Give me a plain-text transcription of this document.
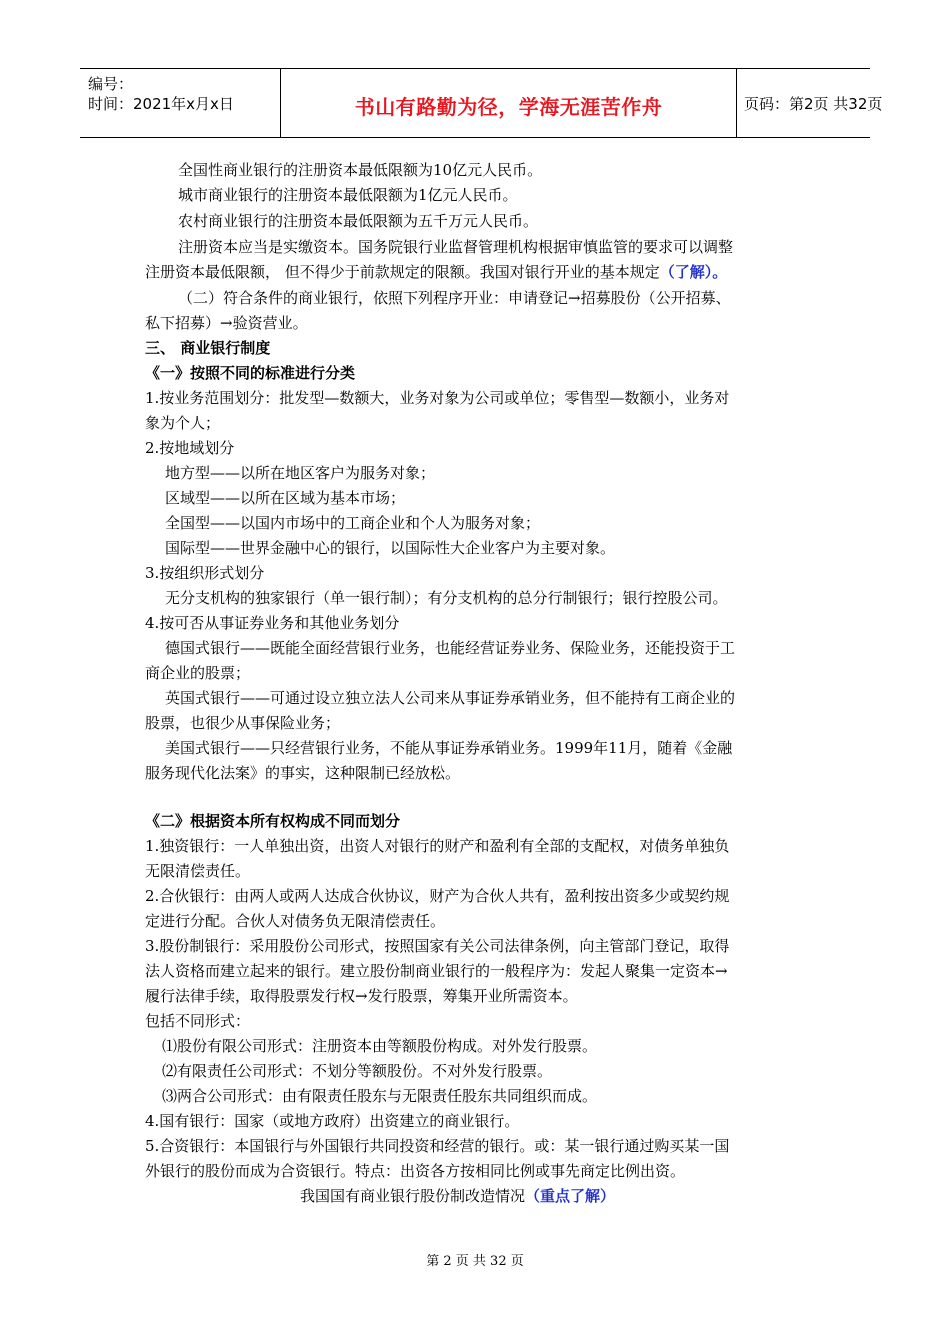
编号：
时间：2021年x月x日	书山有路勤为径，学海无涯苦作舟	页码：第2页 共32页
全国性商业银行的注册资本最低限额为10亿元人民币。
城市商业银行的注册资本最低限额为1亿元人民币。
农村商业银行的注册资本最低限额为五千万元人民币。
注册资本应当是实缴资本。国务院银行业监督管理机构根据审慎监管的要求可以调整
注册资本最低限额， 但不得少于前款规定的限额。我国对银行开业的基本规定（了解）。
（二）符合条件的商业银行，依照下列程序开业：申请登记→招募股份（公开招募、
私下招募）→验资营业。
三、 商业银行制度
《一》按照不同的标准进行分类
1.按业务范围划分：批发型—数额大，业务对象为公司或单位；零售型—数额小，业务对
象为个人；
2.按地域划分
地方型——以所在地区客户为服务对象；
区域型——以所在区域为基本市场；
全国型——以国内市场中的工商企业和个人为服务对象；
国际型——世界金融中心的银行，以国际性大企业客户为主要对象。
3.按组织形式划分
无分支机构的独家银行（单一银行制）；有分支机构的总分行制银行；银行控股公司。
4.按可否从事证券业务和其他业务划分
德国式银行——既能全面经营银行业务，也能经营证券业务、保险业务，还能投资于工
商企业的股票；
英国式银行——可通过设立独立法人公司来从事证券承销业务，但不能持有工商企业的
股票，也很少从事保险业务；
美国式银行——只经营银行业务，不能从事证券承销业务。1999年11月，随着《金融
服务现代化法案》的事实，这种限制已经放松。
《二》根据资本所有权构成不同而划分
1.独资银行：一人单独出资，出资人对银行的财产和盈利有全部的支配权，对债务单独负
无限清偿责任。
2.合伙银行：由两人或两人达成合伙协议，财产为合伙人共有，盈利按出资多少或契约规
定进行分配。合伙人对债务负无限清偿责任。
3.股份制银行：采用股份公司形式，按照国家有关公司法律条例，向主管部门登记，取得
法人资格而建立起来的银行。建立股份制商业银行的一般程序为：发起人聚集一定资本→
履行法律手续，取得股票发行权→发行股票，筹集开业所需资本。
包括不同形式：
⑴股份有限公司形式：注册资本由等额股份构成。对外发行股票。
⑵有限责任公司形式：不划分等额股份。不对外发行股票。
⑶两合公司形式：由有限责任股东与无限责任股东共同组织而成。
4.国有银行：国家（或地方政府）出资建立的商业银行。
5.合资银行：本国银行与外国银行共同投资和经营的银行。或：某一银行通过购买某一国
外银行的股份而成为合资银行。特点：出资各方按相同比例或事先商定比例出资。
我国国有商业银行股份制改造情况（重点了解）
第 2 页 共 32 页
